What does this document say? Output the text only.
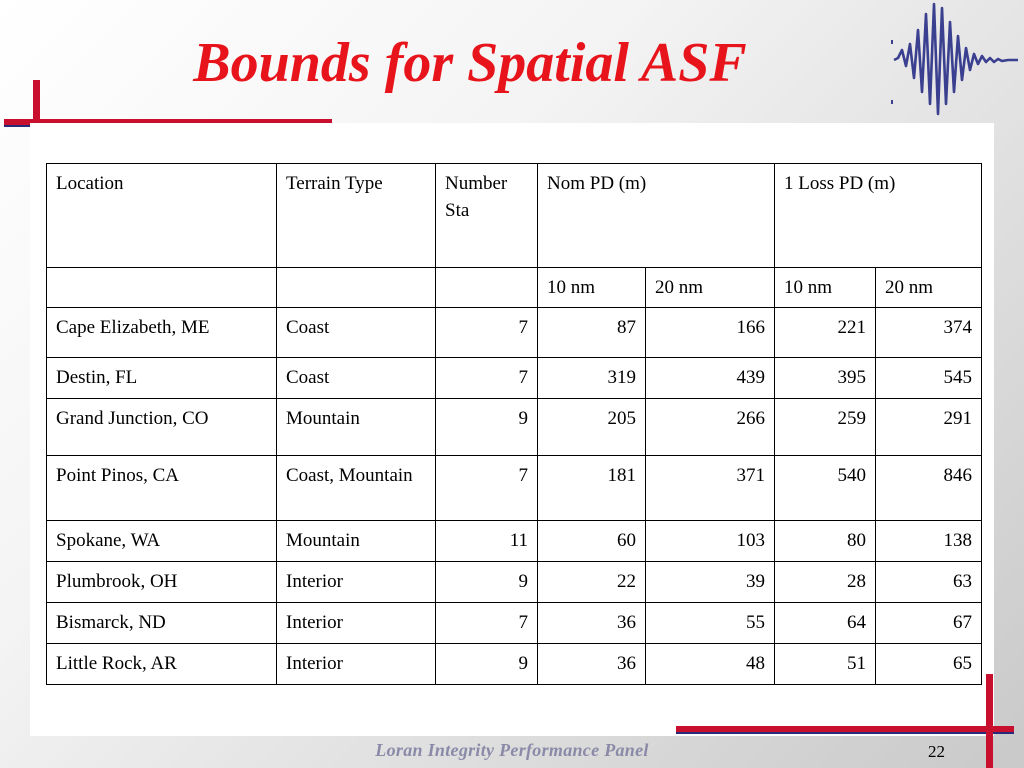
Bounds for Spatial ASF
Location	Terrain Type	Number Sta	Nom PD (m)		1 Loss PD (m)	
			10 nm	20 nm	10 nm	20 nm
Cape Elizabeth, ME	Coast	7	87	166	221	374
Destin, FL	Coast	7	319	439	395	545
Grand Junction, CO	Mountain	9	205	266	259	291
Point Pinos, CA	Coast, Mountain	7	181	371	540	846
Spokane, WA	Mountain	11	60	103	80	138
Plumbrook, OH	Interior	9	22	39	28	63
Bismarck, ND	Interior	7	36	55	64	67
Little Rock, AR	Interior	9	36	48	51	65
Loran Integrity Performance Panel	22
